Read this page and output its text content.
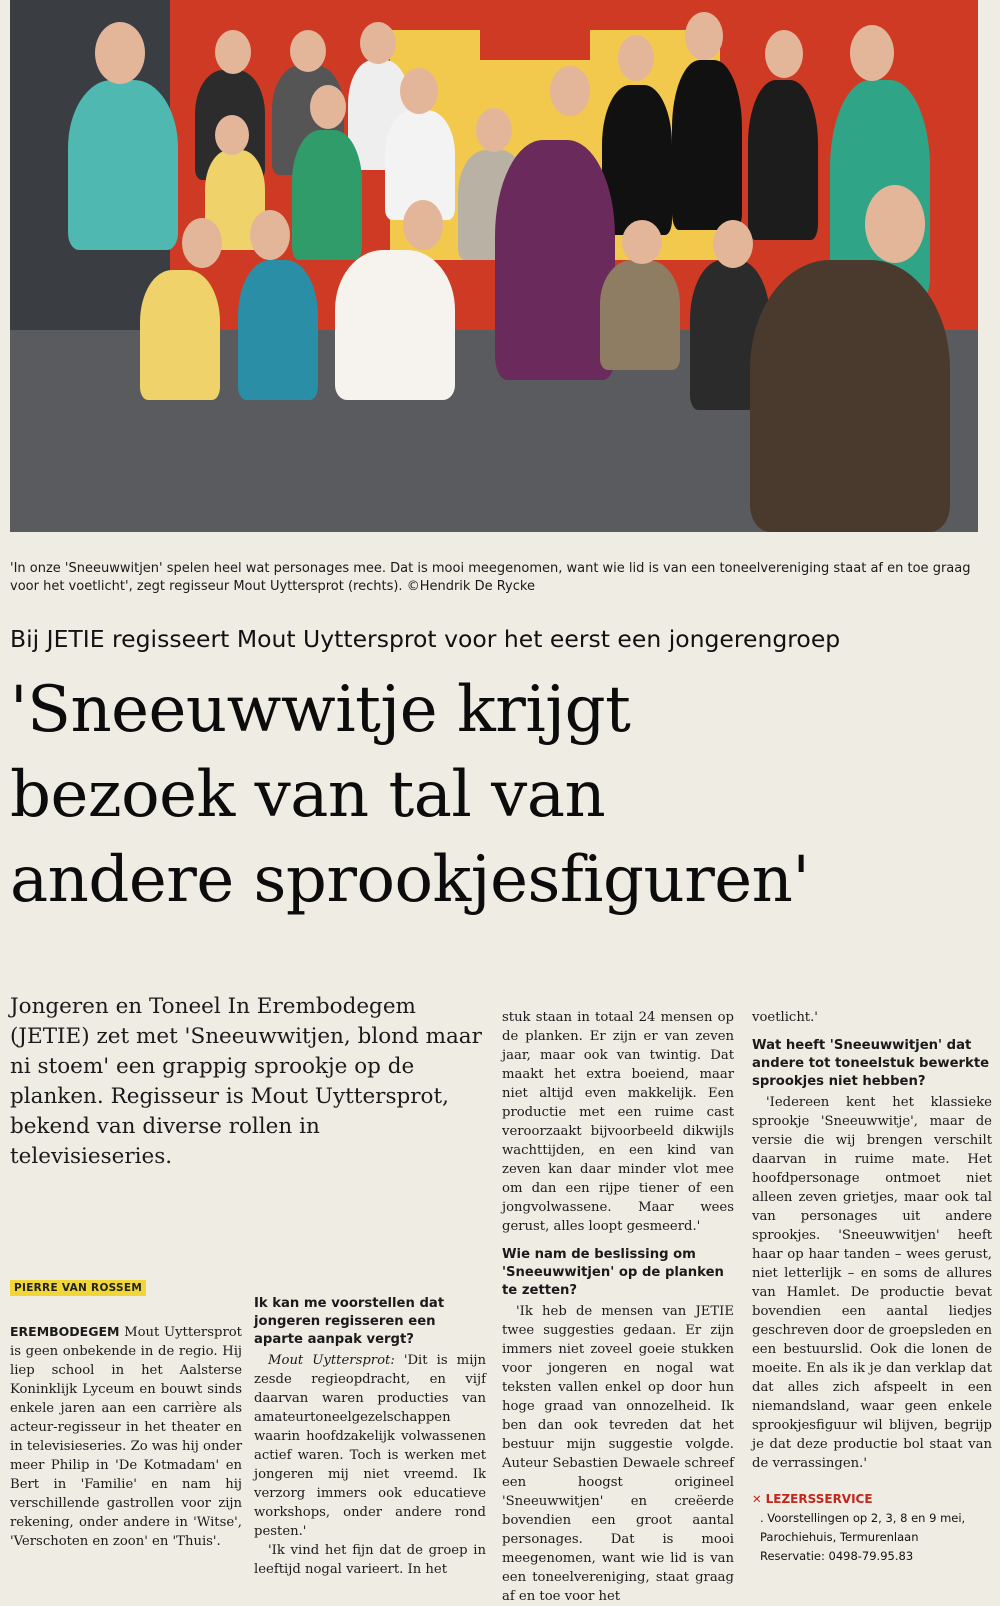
'In onze 'Sneeuwwitjen' spelen heel wat personages mee. Dat is mooi meegenomen, want wie lid is van een toneelvereniging staat af en toe graag voor het voetlicht', zegt regisseur Mout Uyttersprot (rechts). ©Hendrik De Rycke
Bij JETIE regisseert Mout Uyttersprot voor het eerst een jongerengroep
'Sneeuwwitje krijgt
bezoek van tal van
andere sprookjesfiguren'
Jongeren en Toneel In Erembodegem (JETIE) zet met 'Sneeuwwitjen, blond maar ni stoem' een grappig sprookje op de planken. Regisseur is Mout Uyttersprot, bekend van diverse rollen in televisieseries.
PIERRE VAN ROSSEM

EREMBODEGEM Mout Uyttersprot is geen onbekende in de regio. Hij liep school in het Aalsterse Koninklijk Lyceum en bouwt sinds enkele jaren aan een carrière als acteur-regisseur in het theater en in televisieseries. Zo was hij onder meer Philip in 'De Kotmadam' en Bert in 'Familie' en nam hij verschillende gastrollen voor zijn rekening, onder andere in 'Witse', 'Verschoten en zoon' en 'Thuis'.

Ik kan me voorstellen dat jongeren regisseren een aparte aanpak vergt?

Mout Uyttersprot: 'Dit is mijn zesde regieopdracht, en vijf daarvan waren producties van amateurtoneelgezelschappen waarin hoofdzakelijk volwassenen actief waren. Toch is werken met jongeren mij niet vreemd. Ik verzorg immers ook educatieve workshops, onder andere rond pesten.'

'Ik vind het fijn dat de groep in leeftijd nogal varieert. In het

stuk staan in totaal 24 mensen op de planken. Er zijn er van zeven jaar, maar ook van twintig. Dat maakt het extra boeiend, maar niet altijd even makkelijk. Een productie met een ruime cast veroorzaakt bijvoorbeeld dikwijls wachttijden, en een kind van zeven kan daar minder vlot mee om dan een rijpe tiener of een jongvolwassene. Maar wees gerust, alles loopt gesmeerd.'

Wie nam de beslissing om 'Sneeuwwitjen' op de planken te zetten?

'Ik heb de mensen van JETIE twee suggesties gedaan. Er zijn immers niet zoveel goeie stukken voor jongeren en nogal wat teksten vallen enkel op door hun hoge graad van onnozelheid. Ik ben dan ook tevreden dat het bestuur mijn suggestie volgde. Auteur Sebastien Dewaele schreef een hoogst origineel 'Sneeuwwitjen' en creëerde bovendien een groot aantal personages. Dat is mooi meegenomen, want wie lid is van een toneelvereniging, staat graag af en toe voor het

voetlicht.'

Wat heeft 'Sneeuwwitjen' dat andere tot toneelstuk bewerkte sprookjes niet hebben?

'Iedereen kent het klassieke sprookje 'Sneeuwwitje', maar de versie die wij brengen verschilt daarvan in ruime mate. Het hoofdpersonage ontmoet niet alleen zeven grietjes, maar ook tal van personages uit andere sprookjes. 'Sneeuwwitjen' heeft haar op haar tanden – wees gerust, niet letterlijk – en soms de allures van Hamlet. De productie bevat bovendien een aantal liedjes geschreven door de groepsleden en een bestuurslid. Ook die lonen de moeite. En als ik je dan verklap dat dat alles zich afspeelt in een niemandsland, waar geen enkele sprookjesfiguur wil blijven, begrijp je dat deze productie bol staat van de verrassingen.'

✕ LEZERSSERVICE
. Voorstellingen op 2, 3, 8 en 9 mei,
Parochiehuis, Termurenlaan
Reservatie: 0498-79.95.83
